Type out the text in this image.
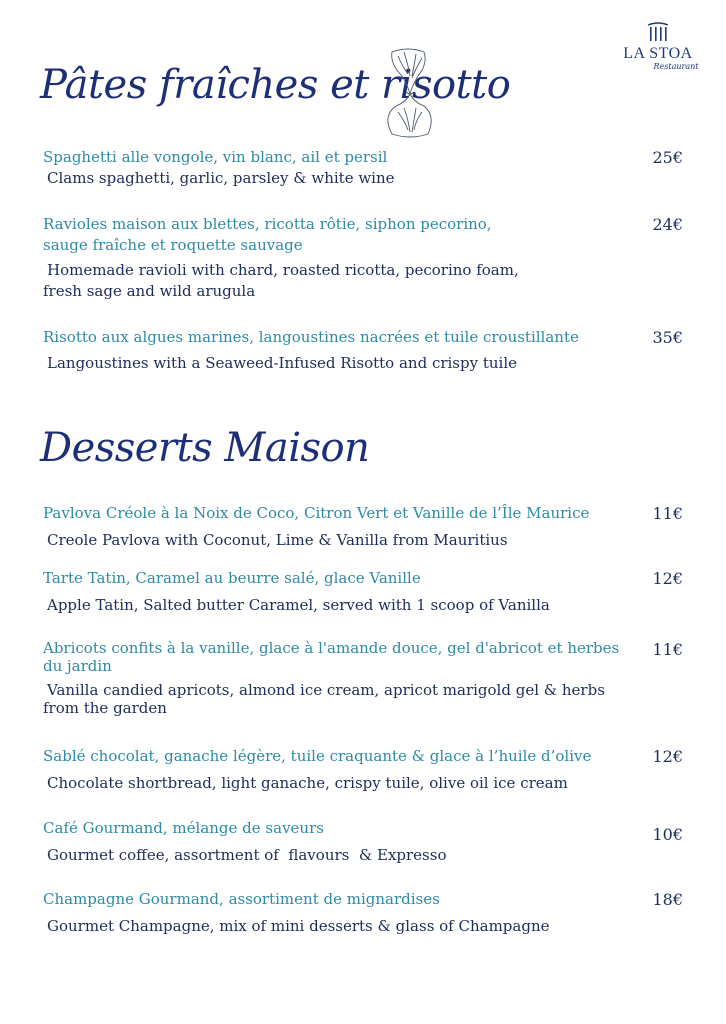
LA STOA
Restaurant
Pâtes fraîches et risotto
Spaghetti alle vongole, vin blanc, ail et persil
Clams spaghetti, garlic, parsley & white wine
25€
Ravioles maison aux blettes, ricotta rôtie, siphon pecorino, sauge fraîche et roquette sauvage
Homemade ravioli with chard, roasted ricotta, pecorino foam, fresh sage and wild arugula
24€
Risotto aux algues marines, langoustines nacrées et tuile croustillante
Langoustines with a Seaweed-Infused Risotto and crispy tuile
35€
Desserts Maison
Pavlova Créole à la Noix de Coco, Citron Vert et Vanille de l’Île Maurice
Creole Pavlova with Coconut, Lime & Vanilla from Mauritius
11€
Tarte Tatin, Caramel au beurre salé, glace Vanille
Apple Tatin, Salted butter Caramel, served with 1 scoop of Vanilla
12€
Abricots confits à la vanille, glace à l'amande douce, gel d'abricot et herbes du jardin
Vanilla candied apricots, almond ice cream, apricot marigold gel & herbs from the garden
11€
Sablé chocolat, ganache légère, tuile craquante & glace à l’huile d’olive
Chocolate shortbread, light ganache, crispy tuile, olive oil ice cream
12€
Café Gourmand, mélange de saveurs
Gourmet coffee, assortment of  flavours  & Expresso
10€
Champagne Gourmand, assortiment de mignardises
Gourmet Champagne, mix of mini desserts & glass of Champagne
18€
